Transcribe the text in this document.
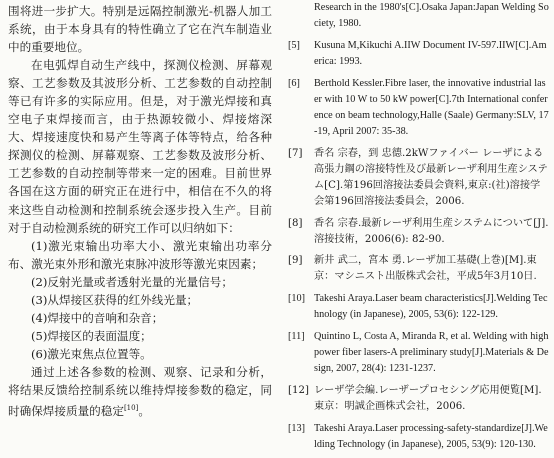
围将进一步扩大。特别是远隔控制激光-机器人加工系统，由于本身具有的特性确立了它在汽车制造业中的重要地位。

在电弧焊自动生产线中，探测仪检测、屏幕观察、工艺参数及其波形分析、工艺参数的自动控制等已有许多的实际应用。但是，对于激光焊接和真空电子束焊接而言，由于热源较微小、焊接熔深大、焊接速度快和易产生等离子体等特点，给各种探测仪的检测、屏幕观察、工艺参数及波形分析、工艺参数的自动控制等带来一定的困难。目前世界各国在这方面的研究正在进行中，相信在不久的将来这些自动检测和控制系统会逐步投入生产。目前对于自动检测系统的研究工作可以归纳如下：

(1)激光束输出功率大小、激光束输出功率分布、激光束外形和激光束脉冲波形等激光束因素；

(2)反射光量或者透射光量的光量信号；

(3)从焊接区获得的红外线光量；

(4)焊接中的音响和杂音；

(5)焊接区的表面温度；

(6)激光束焦点位置等。

通过上述各参数的检测、观察、记录和分析，将结果反馈给控制系统以维持焊接参数的稳定，同时确保焊接质量的稳定[10]。

Research in the 1980's[C].Osaka Japan:Japan Welding Society, 1980.

[5] Kusuna M,Kikuchi A.IIW Document IV-597.IIW[C].America: 1993.

[6] Berthold Kessler.Fibre laser, the innovative industrial laser with 10 W to 50 kW power[C].7th International conference on beam technology,Halle (Saale) Germany:SLV, 17-19, April 2007: 35-38.

[7] 香名 宗春，到 忠德.2kWファイバー レーザによる高張力鋼の溶接特性及び最新レーザ利用生産システム[C].第196回溶接法委員会資料,東京:(社)溶接学会第196回溶接法委員会，2006.

[8] 香名 宗春.最新レーザ利用生産システムについて[J].溶接技術，2006(6): 82-90.

[9] 新井 武二，宮本 勇.レーザ加工基礎(上巻)[M].東京：マシニスト出版株式会社，平成5年3月10日.

[10] Takeshi Araya.Laser beam characteristics[J].Welding Technology (in Japanese), 2005, 53(6): 122-129.

[11] Quintino L, Costa A, Miranda R, et al. Welding with high power fiber lasers-A preliminary study[J].Materials & Design, 2007, 28(4): 1231-1237.

[12] レーザ学会編.レーザープロセシング応用便覧[M].東京：明誠企画株式会社，2006.

[13] Takeshi Araya.Laser processing-safety-standardize[J].Welding Technology (in Japanese), 2005, 53(9): 120-130.
